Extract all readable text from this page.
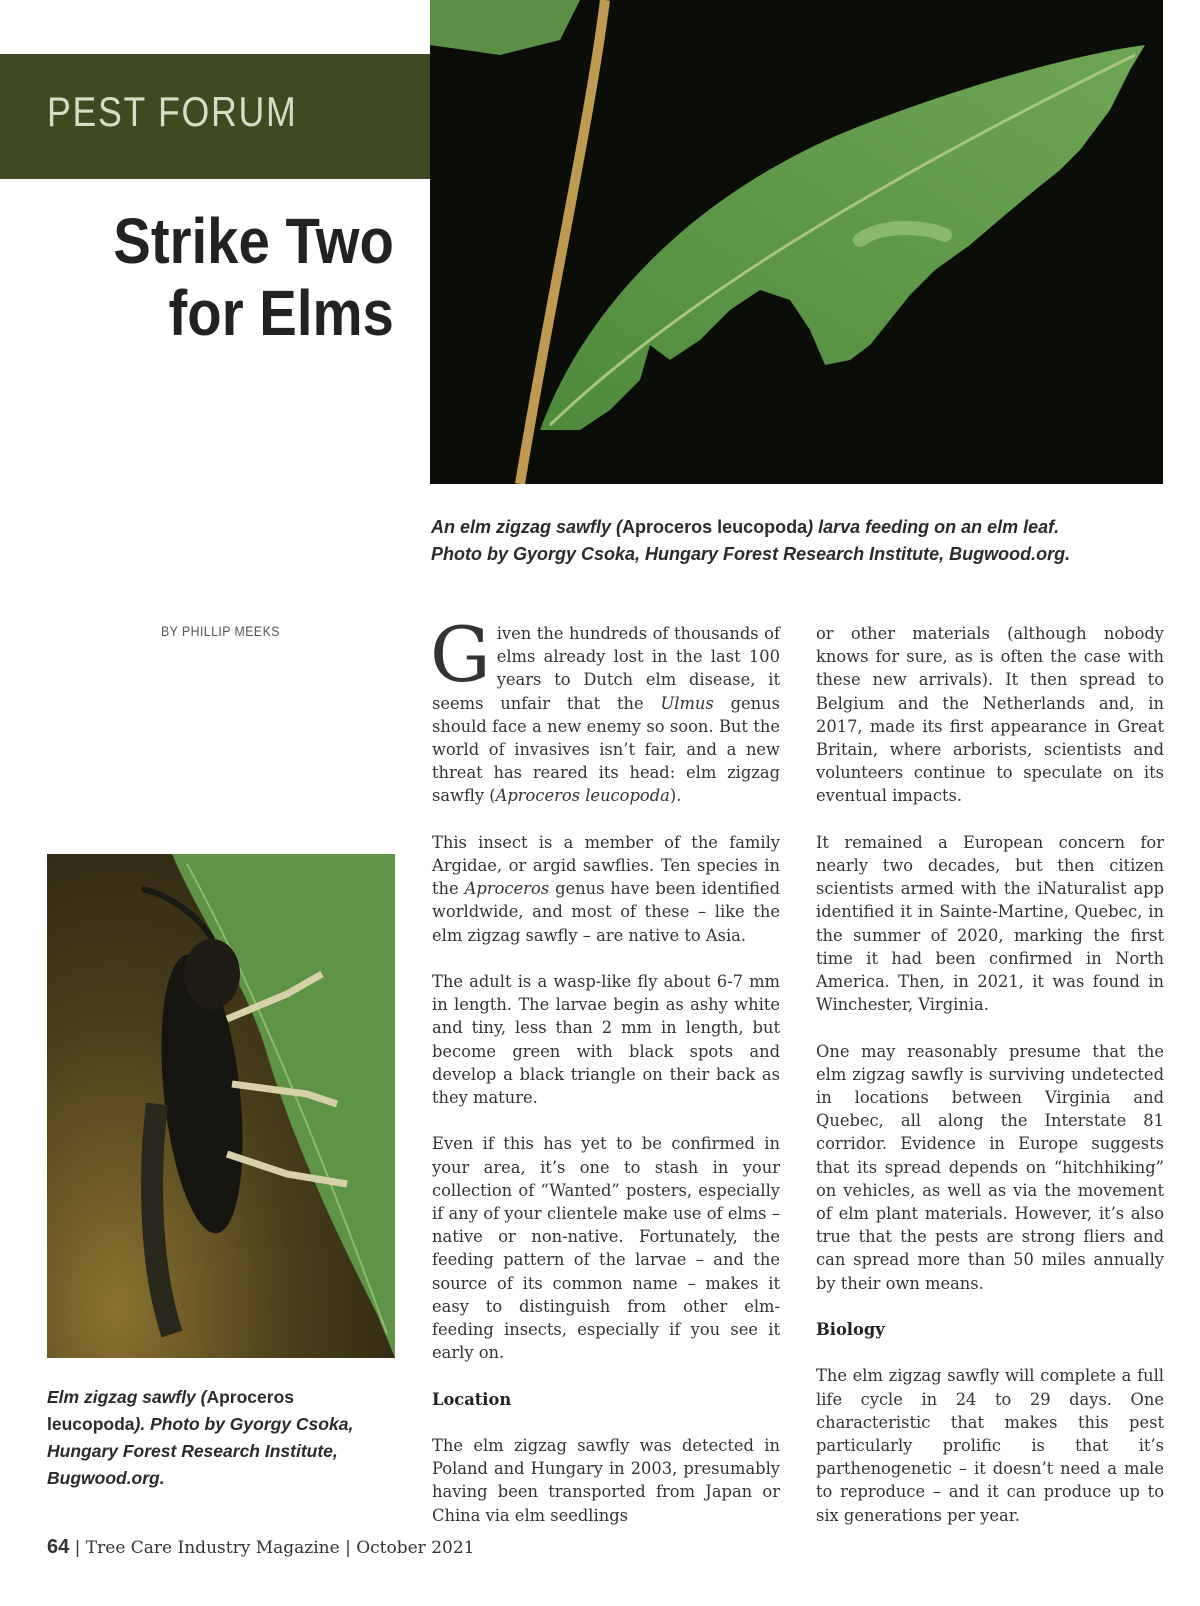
PEST FORUM
Strike Two
for Elms
An elm zigzag sawfly (Aproceros leucopoda) larva feeding on an elm leaf.
Photo by Gyorgy Csoka, Hungary Forest Research Institute, Bugwood.org.
BY PHILLIP MEEKS
Elm zigzag sawfly (Aproceros leucopoda). Photo by Gyorgy Csoka, Hungary Forest Research Institute, Bugwood.org.

Given the hundreds of thousands of elms already lost in the last 100 years to Dutch elm disease, it seems unfair that the Ulmus genus should face a new enemy so soon. But the world of invasives isn’t fair, and a new threat has reared its head: elm zigzag sawfly (Aproceros leucopoda).

This insect is a member of the family Argidae, or argid sawflies. Ten species in the Aproceros genus have been identified worldwide, and most of these – like the elm zigzag sawfly – are native to Asia.

The adult is a wasp-like fly about 6-7 mm in length. The larvae begin as ashy white and tiny, less than 2 mm in length, but become green with black spots and develop a black triangle on their back as they mature.

Even if this has yet to be confirmed in your area, it’s one to stash in your collection of “Wanted” posters, especially if any of your clientele make use of elms – native or non-native. Fortunately, the feeding pattern of the larvae – and the source of its common name – makes it easy to distinguish from other elm-feeding insects, especially if you see it early on.

Location

The elm zigzag sawfly was detected in Poland and Hungary in 2003, presumably having been transported from Japan or China via elm seedlings

or other materials (although nobody knows for sure, as is often the case with these new arrivals). It then spread to Belgium and the Netherlands and, in 2017, made its first appearance in Great Britain, where arborists, scientists and volunteers continue to speculate on its eventual impacts.

It remained a European concern for nearly two decades, but then citizen scientists armed with the iNaturalist app identified it in Sainte-Martine, Quebec, in the summer of 2020, marking the first time it had been confirmed in North America. Then, in 2021, it was found in Winchester, Virginia.

One may reasonably presume that the elm zigzag sawfly is surviving undetected in locations between Virginia and Quebec, all along the Interstate 81 corridor. Evidence in Europe suggests that its spread depends on “hitchhiking” on vehicles, as well as via the movement of elm plant materials. However, it’s also true that the pests are strong fliers and can spread more than 50 miles annually by their own means.

Biology

The elm zigzag sawfly will complete a full life cycle in 24 to 29 days. One characteristic that makes this pest particularly prolific is that it’s parthenogenetic – it doesn’t need a male to reproduce – and it can produce up to six generations per year.

64 | Tree Care Industry Magazine | October 2021
